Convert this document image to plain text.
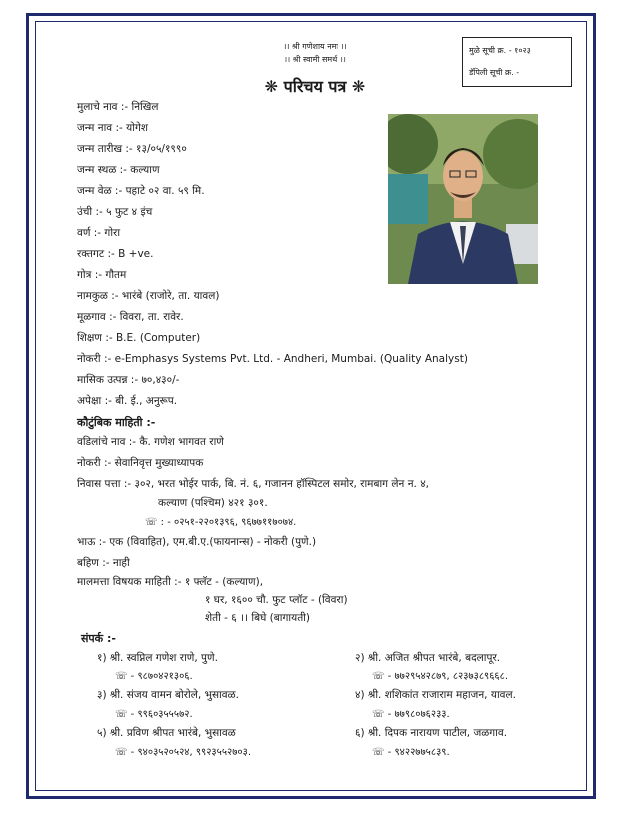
।। श्री गणेशाय नमः ।।
।। श्री स्वामी समर्थ ।।
मुळे सूची क्र. - १०२३
डॅपिली सूची क्र. -
❋ परिचय पत्र ❋
मुलाचे नाव :- निखिल
जन्म नाव :- योगेश
जन्म तारीख :- १३/०५/१९९०
जन्म स्थळ :- कल्याण
जन्म वेळ :- पहाटे ०२ वा. ५९ मि.
उंची :- ५ फुट ४ इंच
वर्ण :- गोरा
रक्तगट :- B +ve.
गोत्र :- गौतम
नामकुळ :- भारंबे (राजोरे, ता. यावल)
मूळगाव :- विवरा, ता. रावेर.
शिक्षण :- B.E. (Computer)
नोकरी :- e-Emphasys Systems Pvt. Ltd. - Andheri, Mumbai. (Quality Analyst)
मासिक उत्पन्न :- ७०,४३०/-
अपेक्षा :- बी. ई., अनुरूप.
कौटुंबिक माहिती :-
वडिलांचे नाव :- कै. गणेश भागवत राणे
नोकरी :- सेवानिवृत्त मुख्याध्यापक
निवास पत्ता :- ३०२, भरत भोईर पार्क, बि. नं. ६, गजानन हॉस्पिटल समोर, रामबाग लेन न. ४,
कल्याण (पश्चिम) ४२१ ३०१.
☏ : - ०२५१-२२०१३९६, ९६७७११७०७४.
भाऊ :- एक (विवाहित), एम.बी.ए.(फायनान्स) - नोकरी (पुणे.)
बहिण :- नाही
मालमत्ता विषयक माहिती :- १ फ्लॅट - (कल्याण),
१ घर, १६०० चौ. फुट प्लॉट - (विवरा)
शेती - ६ ।। बिघे (बागायती)
संपर्क :-
१) श्री. स्वप्निल गणेश राणे, पुणे.
☏ - ९८७०४२१३०६.
२) श्री. अजित श्रीपत भारंबे, बदलापूर.
☏ - ७७२९५४२८७९, ८२३७३८९६६८.
३) श्री. संजय वामन बोरोले, भुसावळ.
☏ - ९९६०३५५५७२.
४) श्री. शशिकांत राजाराम महाजन, यावल.
☏ - ७७९८०७६२३३.
५) श्री. प्रविण श्रीपत भारंबे, भुसावळ
☏ - ९४०३५२०५२४, ९९२३५५२७०३.
६) श्री. दिपक नारायण पाटील, जळगाव.
☏ - ९४२२७७५८३९.
